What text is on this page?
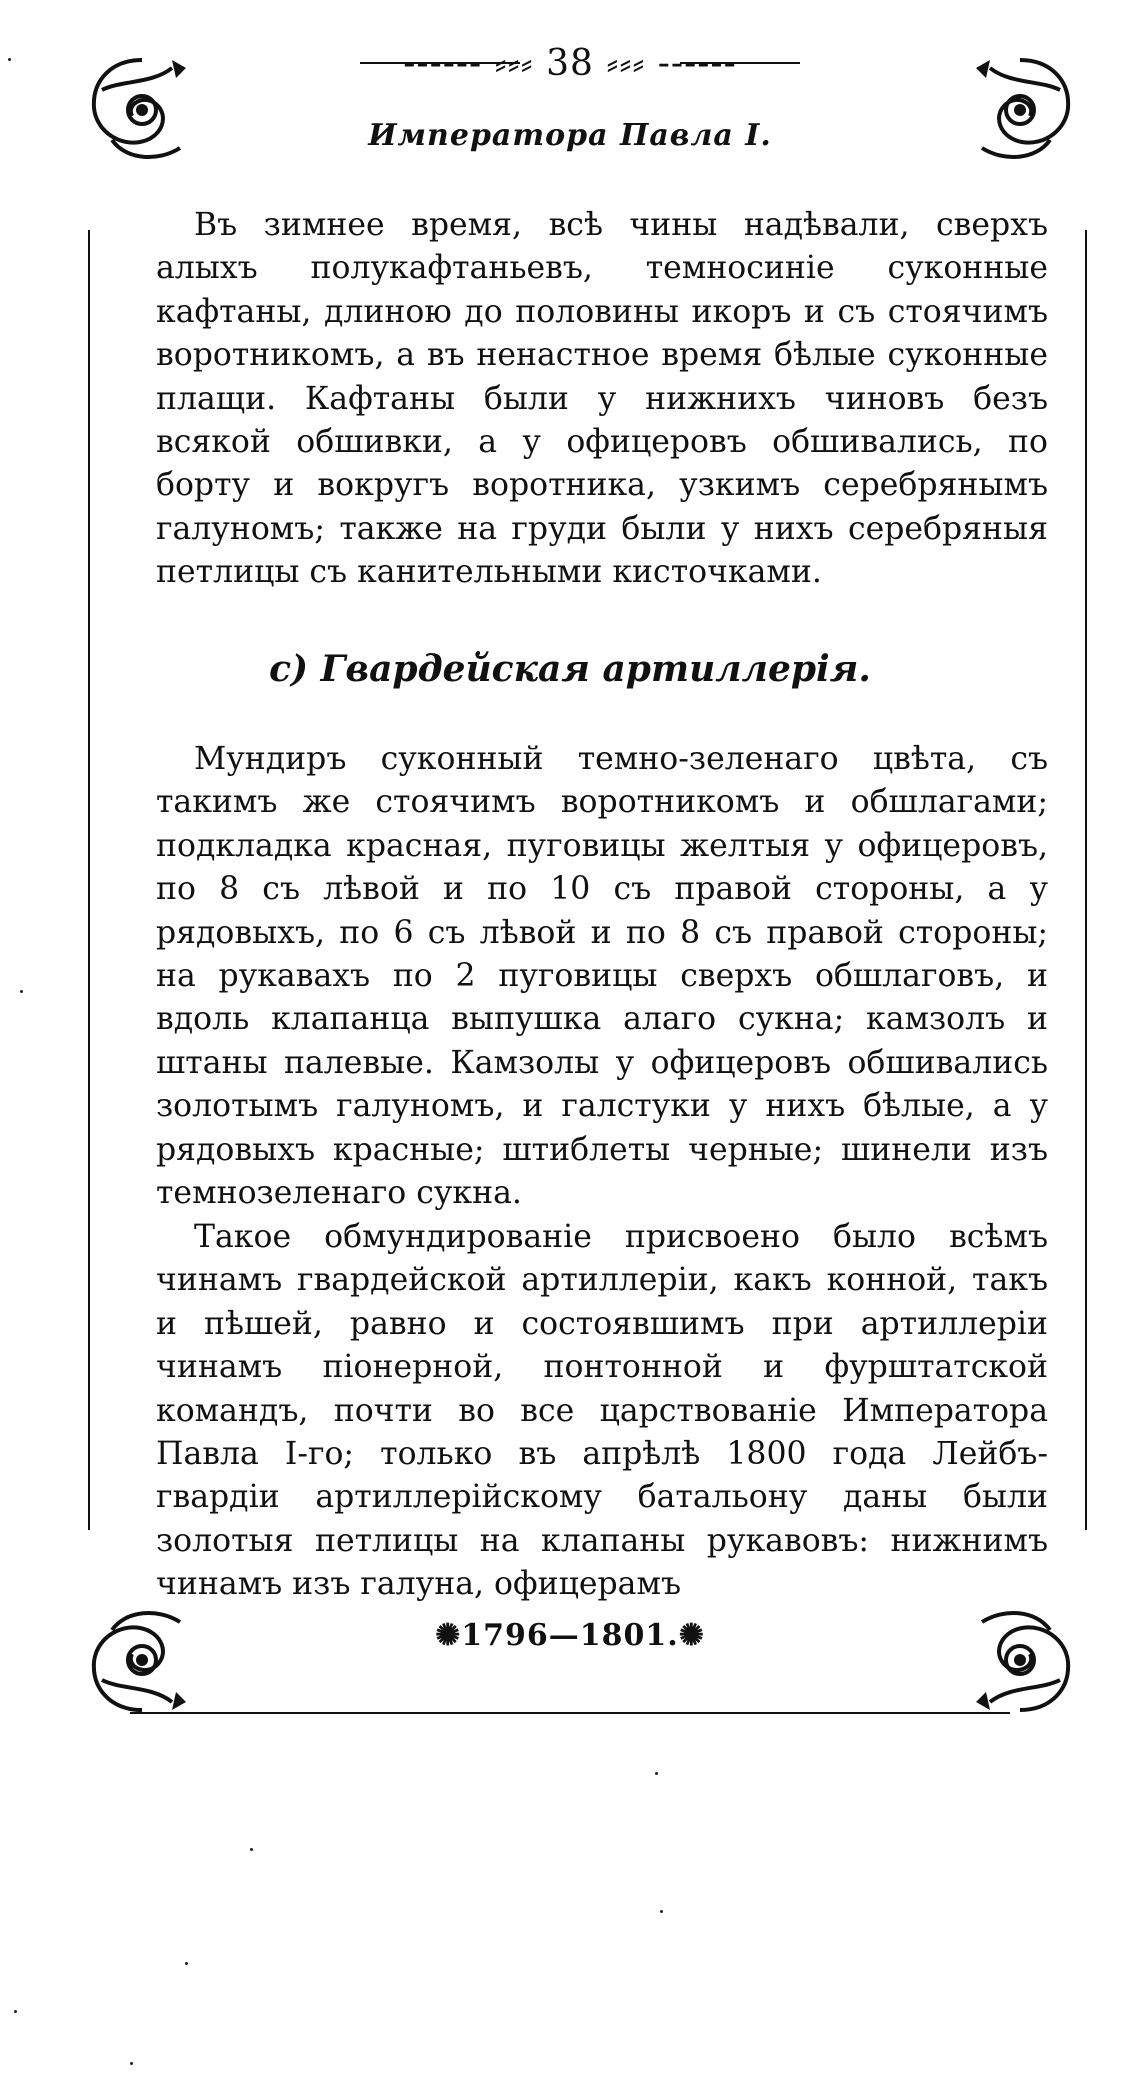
------ ⸗⸗⸗ 38 ⸗⸗⸗ ------
Императора Павла I.
Въ зимнее время, всѣ чины надѣвали, сверхъ алыхъ полукафтаньевъ, темносиніе суконные кафтаны, длиною до половины икоръ и съ стоячимъ воротникомъ, а въ ненастное время бѣлые суконные плащи. Кафтаны были у нижнихъ чиновъ безъ всякой обшивки, а у офицеровъ обшивались, по борту и вокругъ воротника, узкимъ серебрянымъ галуномъ; также на груди были у нихъ серебряныя петлицы съ канительными кисточками.
с) Гвардейская артиллерія.
Мундиръ суконный темно-зеленаго цвѣта, съ такимъ же стоячимъ воротникомъ и обшлагами; подкладка красная, пуговицы желтыя у офицеровъ, по 8 съ лѣвой и по 10 съ правой стороны, а у рядовыхъ, по 6 съ лѣвой и по 8 съ правой стороны; на рукавахъ по 2 пуговицы сверхъ обшлаговъ, и вдоль клапанца выпушка алаго сукна; камзолъ и штаны палевые. Камзолы у офицеровъ обшивались золотымъ галуномъ, и галстуки у нихъ бѣлые, а у рядовыхъ красные; штиблеты черные; шинели изъ темнозеленаго сукна.
Такое обмундированіе присвоено было всѣмъ чинамъ гвардейской артиллеріи, какъ конной, такъ и пѣшей, равно и состоявшимъ при артиллеріи чинамъ піонерной, понтонной и фурштатской командъ, почти во все царствованіе Императора Павла I-го; только въ апрѣлѣ 1800 года Лейбъ-гвардіи артиллерійскому батальону даны были золотыя петлицы на клапаны рукавовъ: нижнимъ чинамъ изъ галуна, офицерамъ
✺1796—1801.✺
